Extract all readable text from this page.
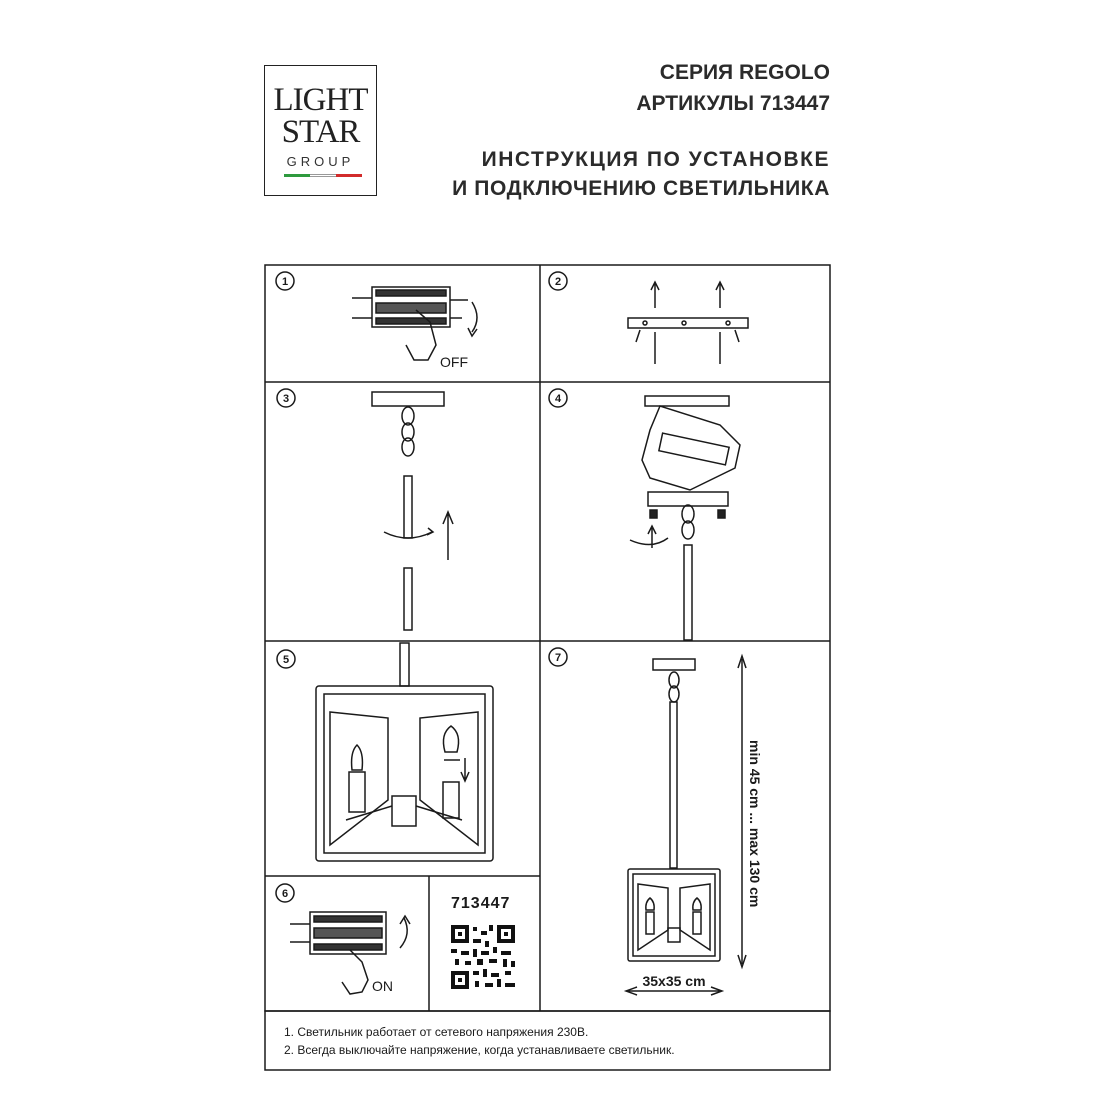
LIGHT
STAR
GROUP
СЕРИЯ REGOLO
АРТИКУЛЫ 713447
ИНСТРУКЦИЯ ПО УСТАНОВКЕ
И ПОДКЛЮЧЕНИЮ СВЕТИЛЬНИКА
1	2
3	4
5
6
7
OFF
ON
min 45 cm ... max 130 cm
35x35 cm
713447
1. Светильник работает от сетевого напряжения 230В.
2. Всегда выключайте напряжение, когда устанавливаете светильник.
